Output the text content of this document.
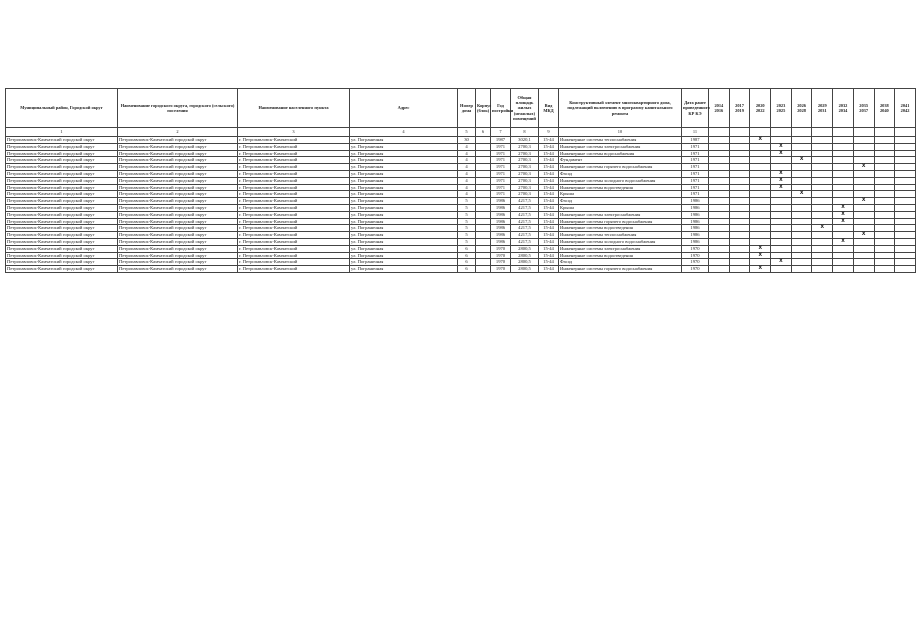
Муниципальный район, Городской округ	Наименование городского округа, городского (сельского) поселения	Наименование населенного пункта	Адрес	Номер дома	Корпус (блок)	Год постройки	Общая площадь жилых (нежилых) помещений	Вид МКД	Конструктивный элемент многоквартирного дома, подлежащий включению в программу капитального ремонта	Дата ранее проведенного КР КЭ	2014 2016	2017 2019	2020 2022	2023 2025	2026 2028	2029 2031	2032 2034	2035 2037	2038 2040	2041 2042
1	2	3	4	5	6	7	8	9	10	11										
Петропавловск-Камчатский городской округ	Петропавловск-Камчатский городской округ	г. Петропавловск-Камчатский	ул. Пограничная	30		1987	3020,1	15-44	Инженерные системы теплоснабжения	1987			X							
Петропавловск-Камчатский городской округ	Петропавловск-Камчатский городской округ	г. Петропавловск-Камчатский	ул. Пограничная	4		1971	2700,3	15-44	Инженерные системы электроснабжения	1971				X						
Петропавловск-Камчатский городской округ	Петропавловск-Камчатский городской округ	г. Петропавловск-Камчатский	ул. Пограничная	4		1971	2700,3	15-44	Инженерные системы водоснабжения	1971				X						
Петропавловск-Камчатский городской округ	Петропавловск-Камчатский городской округ	г. Петропавловск-Камчатский	ул. Пограничная	4		1971	2700,3	15-44	Фундамент	1971					X					
Петропавловск-Камчатский городской округ	Петропавловск-Камчатский городской округ	г. Петропавловск-Камчатский	ул. Пограничная	4		1971	2700,3	15-44	Инженерные системы горячего водоснабжения	1971								X		
Петропавловск-Камчатский городской округ	Петропавловск-Камчатский городской округ	г. Петропавловск-Камчатский	ул. Пограничная	4		1971	2700,3	15-44	Фасад	1971				X						
Петропавловск-Камчатский городской округ	Петропавловск-Камчатский городской округ	г. Петропавловск-Камчатский	ул. Пограничная	4		1971	2700,3	15-44	Инженерные системы холодного водоснабжения	1971				X						
Петропавловск-Камчатский городской округ	Петропавловск-Камчатский городской округ	г. Петропавловск-Камчатский	ул. Пограничная	4		1971	2700,3	15-44	Инженерные системы водоотведения	1971				X						
Петропавловск-Камчатский городской округ	Петропавловск-Камчатский городской округ	г. Петропавловск-Камчатский	ул. Пограничная	4		1971	2700,3	15-44	Крыша	1971					X					
Петропавловск-Камчатский городской округ	Петропавловск-Камчатский городской округ	г. Петропавловск-Камчатский	ул. Пограничная	5		1986	4217,5	15-44	Фасад	1986								X		
Петропавловск-Камчатский городской округ	Петропавловск-Камчатский городской округ	г. Петропавловск-Камчатский	ул. Пограничная	5		1986	4217,5	15-44	Крыша	1986							X			
Петропавловск-Камчатский городской округ	Петропавловск-Камчатский городской округ	г. Петропавловск-Камчатский	ул. Пограничная	5		1986	4217,5	15-44	Инженерные системы электроснабжения	1986							X			
Петропавловск-Камчатский городской округ	Петропавловск-Камчатский городской округ	г. Петропавловск-Камчатский	ул. Пограничная	5		1986	4217,5	15-44	Инженерные системы горячего водоснабжения	1986							X			
Петропавловск-Камчатский городской округ	Петропавловск-Камчатский городской округ	г. Петропавловск-Камчатский	ул. Пограничная	5		1986	4217,5	15-44	Инженерные системы водоотведения	1986						X				
Петропавловск-Камчатский городской округ	Петропавловск-Камчатский городской округ	г. Петропавловск-Камчатский	ул. Пограничная	5		1986	4217,5	15-44	Инженерные системы теплоснабжения	1986								X		
Петропавловск-Камчатский городской округ	Петропавловск-Камчатский городской округ	г. Петропавловск-Камчатский	ул. Пограничная	5		1986	4217,5	15-44	Инженерные системы холодного водоснабжения	1986							X			
Петропавловск-Камчатский городской округ	Петропавловск-Камчатский городской округ	г. Петропавловск-Камчатский	ул. Пограничная	6		1970	2800,5	15-44	Инженерные системы электроснабжения	1970			X							
Петропавловск-Камчатский городской округ	Петропавловск-Камчатский городской округ	г. Петропавловск-Камчатский	ул. Пограничная	6		1970	2800,5	15-44	Инженерные системы водоотведения	1970			X							
Петропавловск-Камчатский городской округ	Петропавловск-Камчатский городской округ	г. Петропавловск-Камчатский	ул. Пограничная	6		1970	2800,5	15-44	Фасад	1970				X						
Петропавловск-Камчатский городской округ	Петропавловск-Камчатский городской округ	г. Петропавловск-Камчатский	ул. Пограничная	6		1970	2800,5	15-44	Инженерные системы горячего водоснабжения	1970			X							
